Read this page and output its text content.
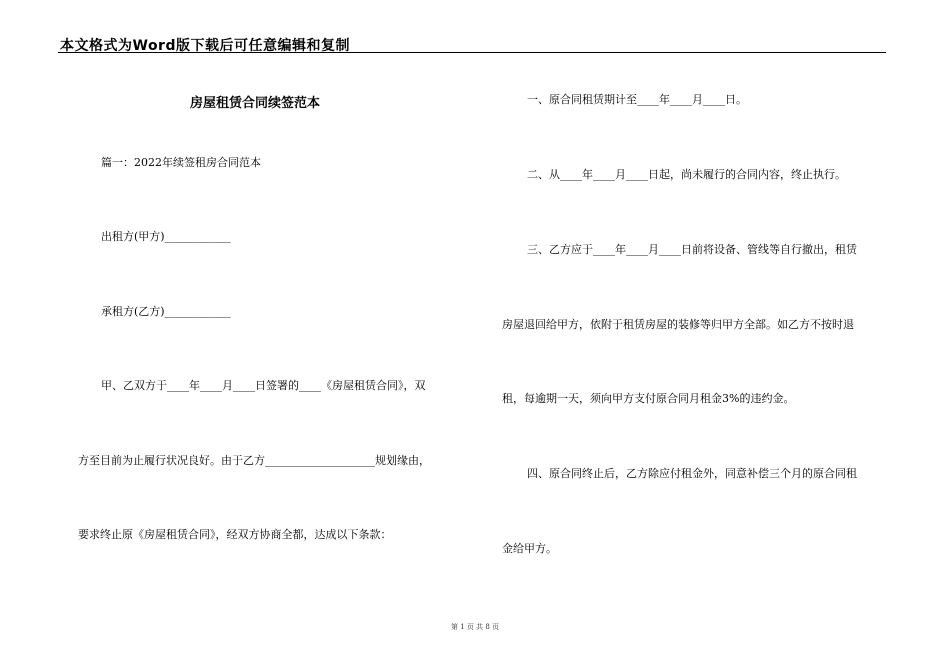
本文格式为Word版下载后可任意编辑和复制
房屋租赁合同续签范本
篇一：2022年续签租房合同范本
出租方(甲方)____________
承租方(乙方)____________
甲、乙双方于____年____月____日签署的____《房屋租赁合同》，双
方至目前为止履行状况良好。由于乙方____________________规划缘由，
要求终止原《房屋租赁合同》，经双方协商全都，达成以下条款：
一、原合同租赁期计至____年____月____日。
二、从____年____月____日起，尚未履行的合同内容，终止执行。
三、乙方应于____年____月____日前将设备、管线等自行撤出，租赁
房屋退回给甲方，依附于租赁房屋的装修等归甲方全部。如乙方不按时退
租，每逾期一天，须向甲方支付原合同月租金3%的违约金。
四、原合同终止后，乙方除应付租金外，同意补偿三个月的原合同租
金给甲方。
第 1 页 共 8 页
